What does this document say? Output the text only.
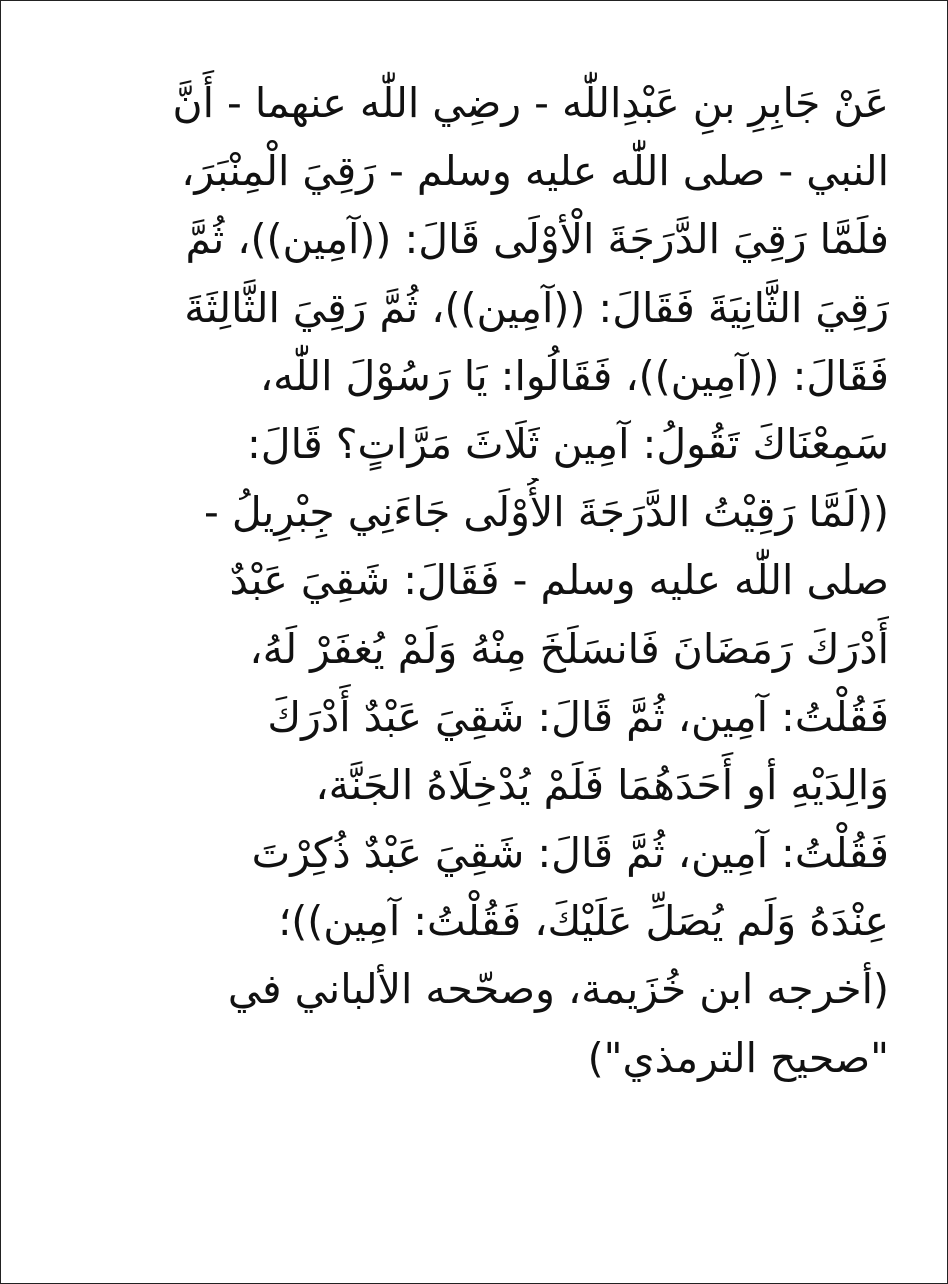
عَنْ جَابِرِ بنِ عَبْدِاللّٰه - رضِي اللّٰه عنهما - أَنَّ
النبي - صلى اللّٰه عليه وسلم - رَقِيَ الْمِنْبَرَ،
فلَمَّا رَقِيَ الدَّرَجَةَ الْأوْلَى قَالَ: ((آمِين))، ثُمَّ
رَقِيَ الثَّانِيَةَ فَقَالَ: ((آمِين))، ثُمَّ رَقِيَ الثَّالِثَةَ
فَقَالَ: ((آمِين))، فَقَالُوا: يَا رَسُوْلَ اللّٰه،
سَمِعْنَاكَ تَقُولُ: آمِين ثَلَاثَ مَرَّاتٍ؟ قَالَ:
((لَمَّا رَقِيْتُ الدَّرَجَةَ الأُوْلَى جَاءَنِي جِبْرِيلُ -
صلى اللّٰه عليه وسلم - فَقَالَ: شَقِيَ عَبْدٌ
أَدْرَكَ رَمَضَانَ فَانسَلَخَ مِنْهُ وَلَمْ يُغفَرْ لَهُ،
فَقُلْتُ: آمِين، ثُمَّ قَالَ: شَقِيَ عَبْدٌ أَدْرَكَ
وَالِدَيْهِ أو أَحَدَهُمَا فَلَمْ يُدْخِلَاهُ الجَنَّة،
فَقُلْتُ: آمِين، ثُمَّ قَالَ: شَقِيَ عَبْدٌ ذُكِرْتَ
عِنْدَهُ وَلَم يُصَلِّ عَلَيْكَ، فَقُلْتُ: آمِين))؛
(أخرجه ابن خُزَيمة، وصحّحه الألباني في
"صحيح الترمذي")
